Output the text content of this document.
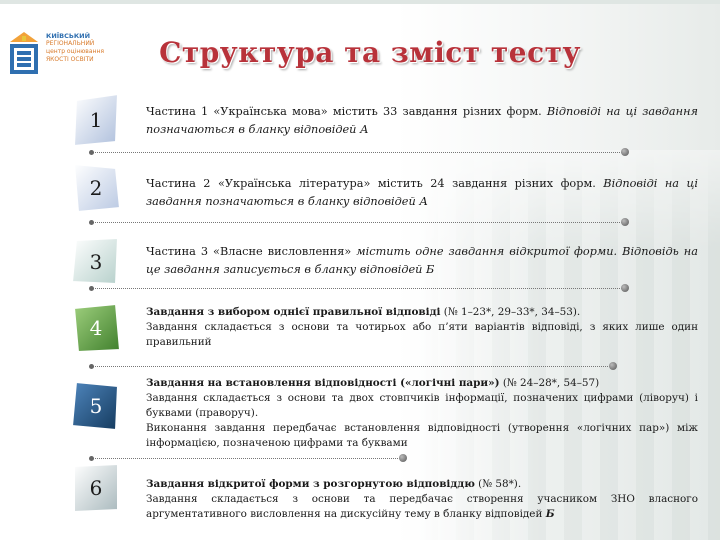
КИЇВСЬКИЙ
РЕГІОНАЛЬНИЙ
центр оцінювання
ЯКОСТІ ОСВІТИ	Структура та зміст тесту
1
2
3
4
5
6
Частина 1 «Українська мова» містить 33 завдання різних форм. Відповіді на ці завдання позначаються в бланку відповідей А
Частина 2 «Українська література» містить 24 завдання різних форм. Відповіді на ці завдання позначаються в бланку відповідей А
Частина 3 «Власне висловлення» містить одне завдання відкритої форми. Відповідь на це завдання записується в бланку відповідей Б
Завдання з вибором однієї правильної відповіді (№ 1–23*, 29–33*, 34–53).
Завдання складається з основи та чотирьох або п’яти варіантів відповіді, з яких лише один правильний
Завдання на встановлення відповідності («логічні пари») (№ 24–28*, 54–57)
Завдання складається з основи та двох стовпчиків інформації, позначених цифрами (ліворуч) і буквами (праворуч).
Виконання завдання передбачає встановлення відповідності (утворення «логічних пар») між інформацією, позначеною цифрами та буквами
Завдання відкритої форми з розгорнутою відповіддю (№ 58*).
Завдання складається з основи та передбачає створення учасником ЗНО власного аргументативного висловлення на дискусійну тему в бланку відповідей Б
